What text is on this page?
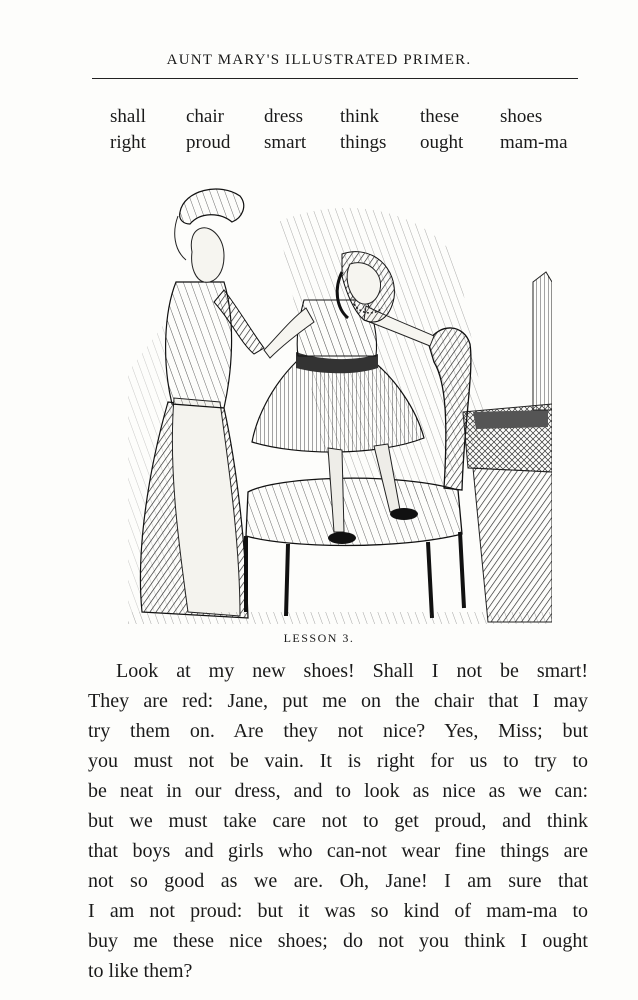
AUNT MARY'S ILLUSTRATED PRIMER.
shall	chair	dress	think	these	shoes
right	proud	smart	things	ought	mam-ma
LESSON 3.
Look at my new shoes! Shall I not be smart!
They are red: Jane, put me on the chair that I may
try them on. Are they not nice? Yes, Miss; but
you must not be vain. It is right for us to try to
be neat in our dress, and to look as nice as we can:
but we must take care not to get proud, and think
that boys and girls who can-not wear fine things are
not so good as we are. Oh, Jane! I am sure that
I am not proud: but it was so kind of mam-ma to
buy me these nice shoes; do not you think I ought
to like them?
